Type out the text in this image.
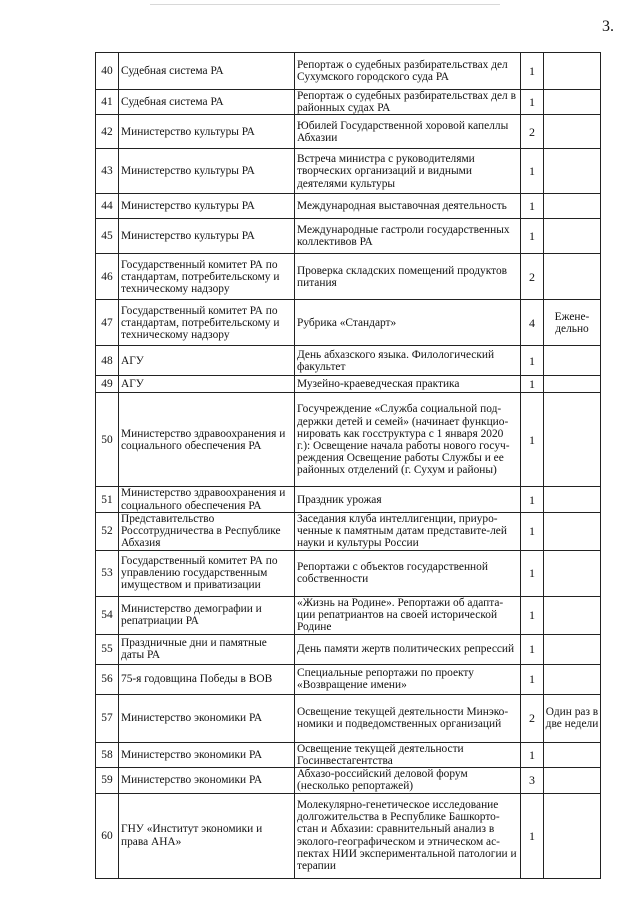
3.
40	Судебная система РА	Репортаж о судебных разбирательствах дел Сухумского городского суда РА	1	
41	Судебная система РА	Репортаж о судебных разбирательствах дел в районных судах РА	1	
42	Министерство культуры РА	Юбилей Государственной хоровой капеллы Абхазии	2	
43	Министерство культуры РА	Встреча министра с руководителями творческих организаций и видными деятелями культуры	1	
44	Министерство культуры РА	Международная выставочная деятельность	1	
45	Министерство культуры РА	Международные гастроли государственных коллективов РА	1	
46	Государственный комитет РА по стандартам, потребительскому и техническому надзору	Проверка складских помещений продуктов питания	2	
47	Государственный комитет РА по стандартам, потребительскому и техническому надзору	Рубрика «Стандарт»	4	Ежене-дельно
48	АГУ	День абхазского языка. Филологический факультет	1	
49	АГУ	Музейно-краеведческая практика	1	
50	Министерство здравоохранения и социального обеспечения РА	Госучреждение «Служба социальной под-держки детей и семей» (начинает функцио-нировать как госструктура с 1 января 2020 г.): Освещение начала работы нового госуч-реждения Освещение работы Службы и ее районных отделений (г. Сухум и районы)	1	
51	Министерство здравоохранения и социального обеспечения РА	Праздник урожая	1	
52	Представительство Россотрудничества в Республике Абхазия	Заседания клуба интеллигенции, приуро-ченные к памятным датам представите-лей науки и культуры России	1	
53	Государственный комитет РА по управлению государственным имуществом и приватизации	Репортажи с объектов государственной собственности	1	
54	Министерство демографии и репатриации РА	«Жизнь на Родине». Репортажи об адапта-ции репатриантов на своей исторической Родине	1	
55	Праздничные дни и памятные даты РА	День памяти жертв политических репрессий	1	
56	75-я годовщина Победы в ВОВ	Специальные репортажи по проекту «Возвращение имени»	1	
57	Министерство экономики РА	Освещение текущей деятельности Минэко-номики и подведомственных организаций	2	Один раз в две недели
58	Министерство экономики РА	Освещение текущей деятельности Госинвестагентства	1	
59	Министерство экономики РА	Абхазо-российский деловой форум (несколько репортажей)	3	
60	ГНУ «Институт экономики и права АНА»	Молекулярно-генетическое исследование долгожительства в Республике Башкорто-стан и Абхазии: сравнительный анализ в эколого-географическом и этническом ас-пектах НИИ экспериментальной патологии и терапии	1	
